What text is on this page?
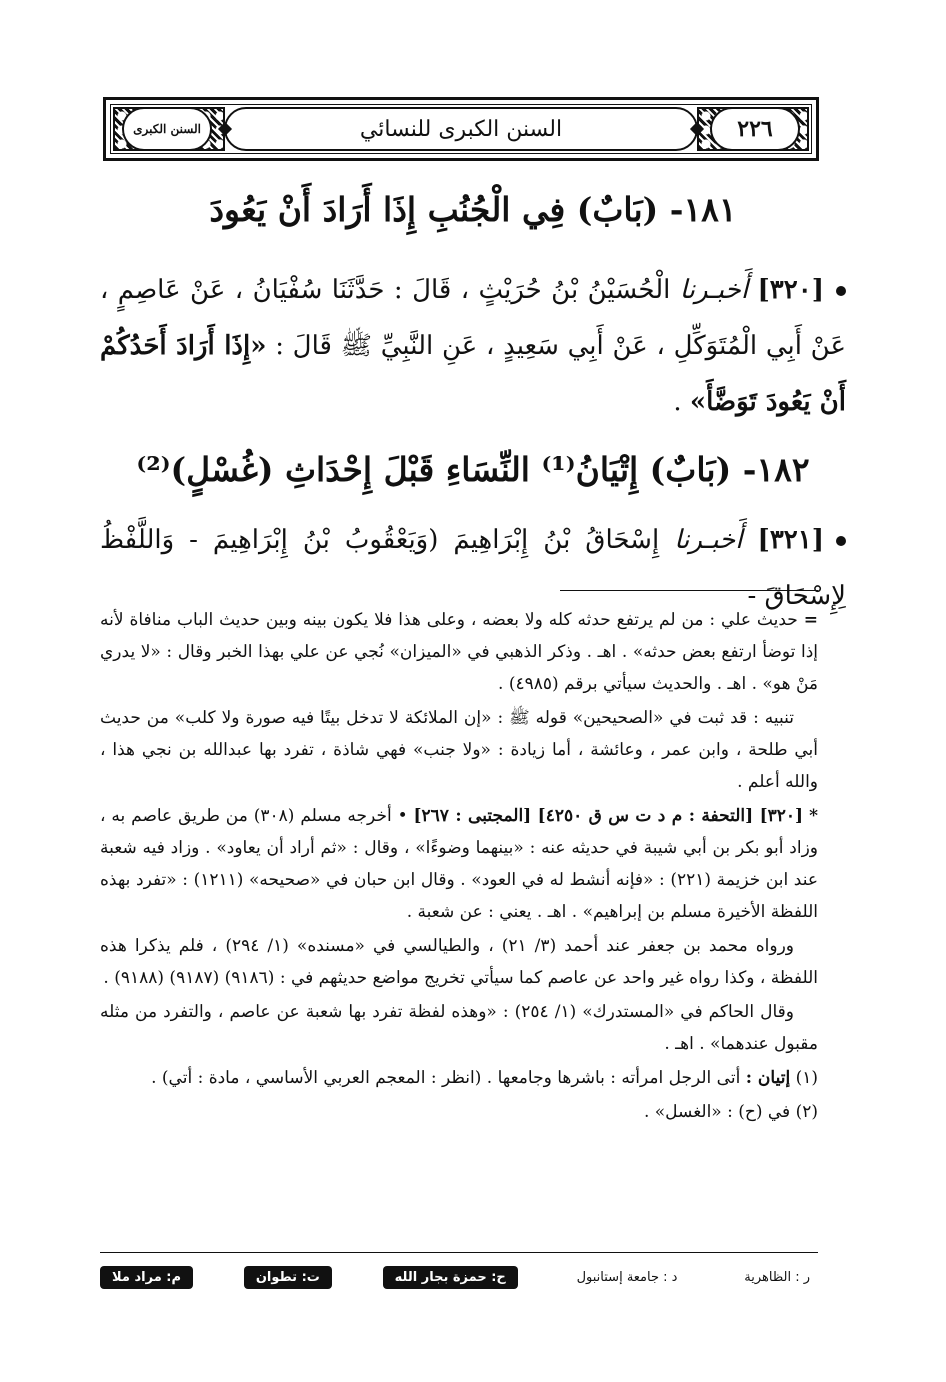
السنن الكبرى	السنن الكبرى للنسائي	٢٢٦
١٨١- (بَابٌ) فِي الْجُنُبِ إِذَا أَرَادَ أَنْ يَعُودَ
[٣٢٠] أَخبـرنا الْحُسَيْنُ بْنُ حُرَيْثٍ ، قَالَ : حَدَّثَنَا سُفْيَانُ ، عَنْ عَاصِمٍ ، عَنْ أَبِي الْمُتَوَكِّلِ ، عَنْ أَبِي سَعِيدٍ ، عَنِ النَّبِيِّ ﷺ قَالَ : «إِذَا أَرَادَ أَحَدُكُمْ أَنْ يَعُودَ تَوَضَّأَ» .
١٨٢- (بَابٌ) إِتْيَانُ⁽¹⁾ النِّسَاءِ قَبْلَ إِحْدَاثِ (غُسْلٍ)⁽²⁾
[٣٢١] أَخبـرنا إِسْحَاقُ بْنُ إِبْرَاهِيمَ (وَيَعْقُوبُ بْنُ إِبْرَاهِيمَ - وَاللَّفْظُ لِإِسْحَاقَ -

=حديث علي : من لم يرتفع حدثه كله ولا بعضه ، وعلى هذا فلا يكون بينه وبين حديث الباب منافاة لأنه إذا توضأ ارتفع بعض حدثه» . اهـ . وذكر الذهبي في «الميزان» نُجي عن علي بهذا الخبر وقال : «لا يدري مَنْ هو» . اهـ . والحديث سيأتي برقم (٤٩٨٥) .

تنبيه : قد ثبت في «الصحيحين» قوله ﷺ : «إن الملائكة لا تدخل بيتًا فيه صورة ولا كلب» من حديث أبي طلحة ، وابن عمر ، وعائشة ، أما زيادة : «ولا جنب» فهي شاذة ، تفرد بها عبدالله بن نجي هذا ، والله أعلم .

*[٣٢٠] [التحفة : م د ت س ق ٤٢٥٠] [المجتبى : ٢٦٧] • أخرجه مسلم (٣٠٨) من طريق عاصم به ، وزاد أبو بكر بن أبي شيبة في حديثه عنه : «بينهما وضوءًا» ، وقال : «ثم أراد أن يعاود» . وزاد فيه شعبة عند ابن خزيمة (٢٢١) : «فإنه أنشط له في العود» . وقال ابن حبان في «صحيحه» (١٢١١) : «تفرد بهذه اللفظة الأخيرة مسلم بن إبراهيم» . اهـ . يعني : عن شعبة .

ورواه محمد بن جعفر عند أحمد (٣/ ٢١) ، والطيالسي في «مسنده» (١/ ٢٩٤) ، فلم يذكرا هذه اللفظة ، وكذا رواه غير واحد عن عاصم كما سيأتي تخريج مواضع حديثهم في : (٩١٨٦) (٩١٨٧) (٩١٨٨) .

وقال الحاكم في «المستدرك» (١/ ٢٥٤) : «وهذه لفظة تفرد بها شعبة عن عاصم ، والتفرد من مثله مقبول عندهما» . اهـ .

(١) إتيان : أتى الرجل امرأته : باشرها وجامعها . (انظر : المعجم العربي الأساسي ، مادة : أتي) .

(٢) في (ح) : «الغسل» .

م: مراد ملا	ت: تطوان	ح: حمزة بجار الله	د : جامعة إستانبول	ر : الظاهرية
